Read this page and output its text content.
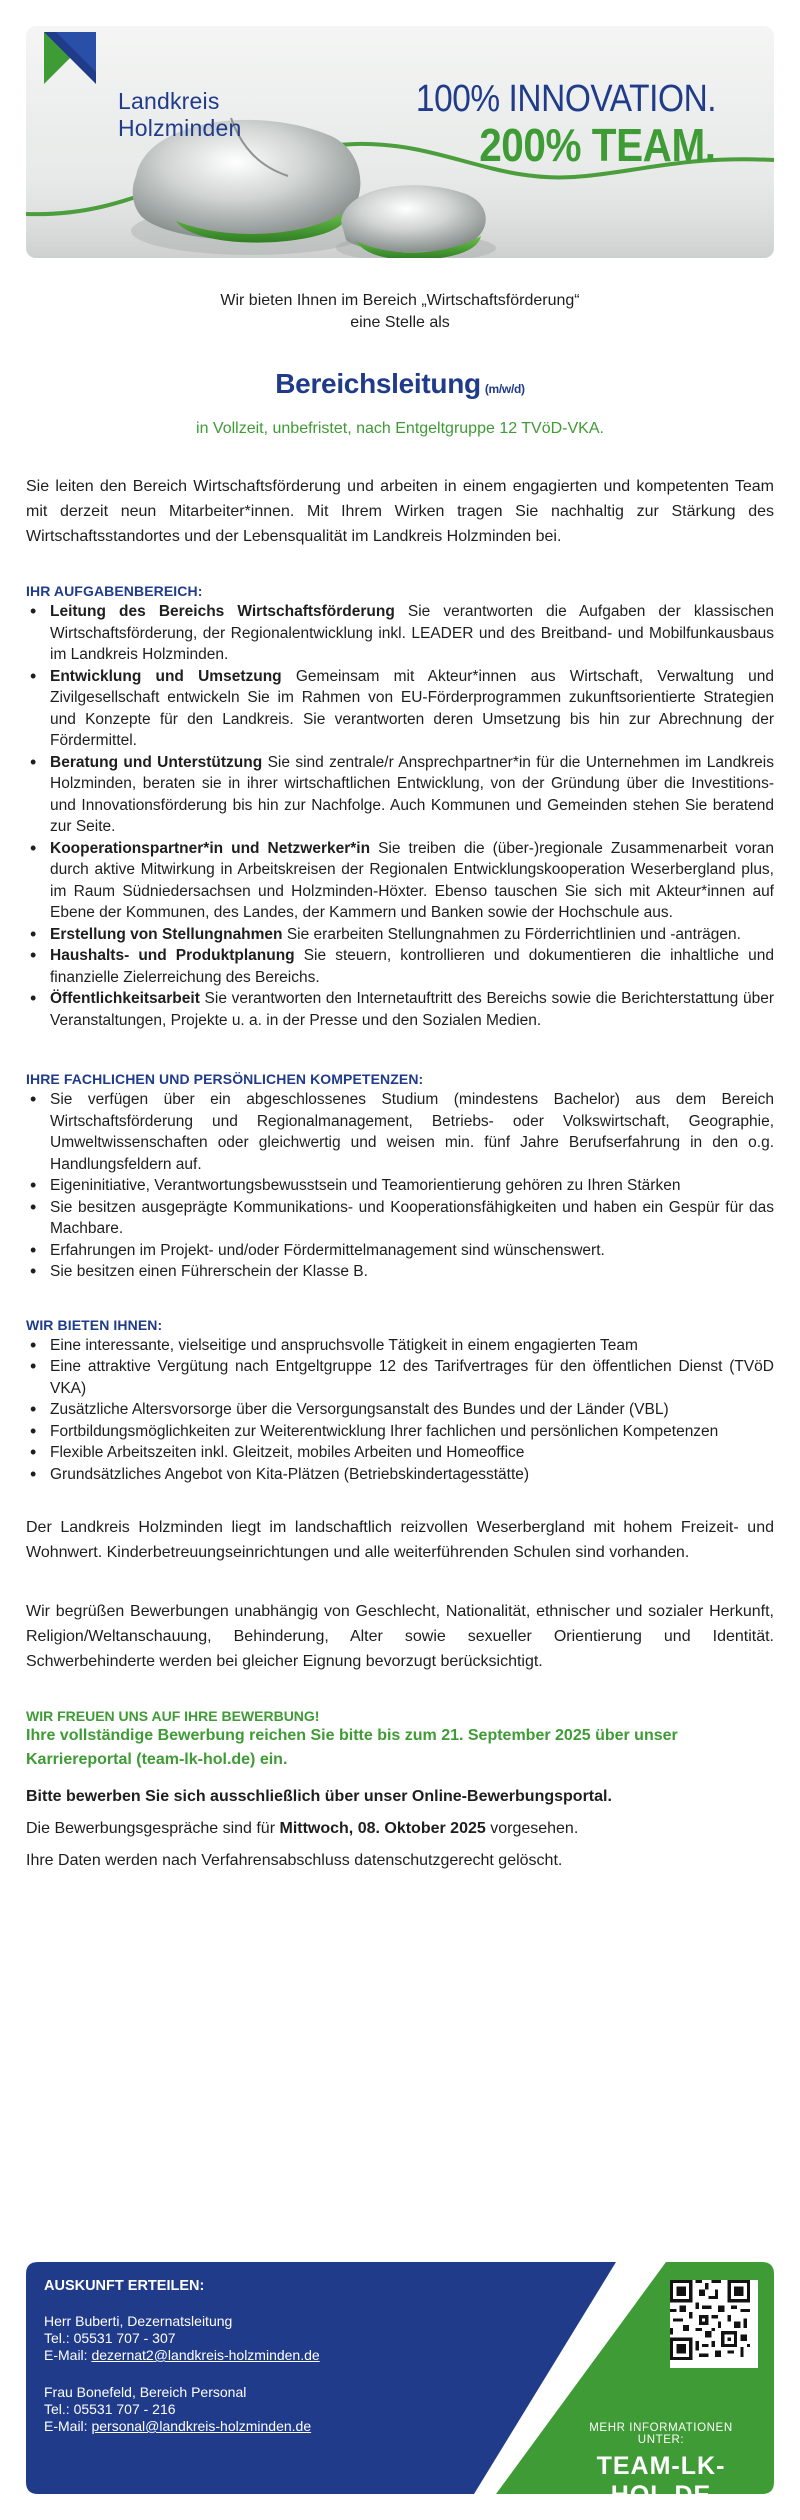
Landkreis
Holzminden
100% INNOVATION.
200% TEAM.
Wir bieten Ihnen im Bereich „Wirtschaftsförderung“
eine Stelle als
Bereichsleitung (m/w/d)
in Vollzeit, unbefristet, nach Entgeltgruppe 12 TVöD-VKA.

Sie leiten den Bereich Wirtschaftsförderung und arbeiten in einem engagierten und kompetenten Team mit derzeit neun Mitarbeiter*innen. Mit Ihrem Wirken tragen Sie nachhaltig zur Stärkung des Wirtschaftsstandortes und der Lebensqualität im Landkreis Holzminden bei.

IHR AUFGABENBEREICH:
• Leitung des Bereichs Wirtschaftsförderung Sie verantworten die Aufgaben der klassischen Wirtschaftsförderung, der Regionalentwicklung inkl. LEADER und des Breitband- und Mobilfunkausbaus im Landkreis Holzminden.
• Entwicklung und Umsetzung Gemeinsam mit Akteur*innen aus Wirtschaft, Verwaltung und Zivilgesellschaft entwickeln Sie im Rahmen von EU-Förderprogrammen zukunftsorientierte Strategien und Konzepte für den Landkreis. Sie verantworten deren Umsetzung bis hin zur Abrechnung der Fördermittel.
• Beratung und Unterstützung Sie sind zentrale/r Ansprechpartner*in für die Unternehmen im Landkreis Holzminden, beraten sie in ihrer wirtschaftlichen Entwicklung, von der Gründung über die Investitions- und Innovationsförderung bis hin zur Nachfolge. Auch Kommunen und Gemeinden stehen Sie beratend zur Seite.
• Kooperationspartner*in und Netzwerker*in Sie treiben die (über-)regionale Zusammenarbeit voran durch aktive Mitwirkung in Arbeitskreisen der Regionalen Entwicklungskooperation Weserbergland plus, im Raum Südniedersachsen und Holzminden-Höxter. Ebenso tauschen Sie sich mit Akteur*innen auf Ebene der Kommunen, des Landes, der Kammern und Banken sowie der Hochschule aus.
• Erstellung von Stellungnahmen Sie erarbeiten Stellungnahmen zu Förderrichtlinien und -anträgen.
• Haushalts- und Produktplanung Sie steuern, kontrollieren und dokumentieren die inhaltliche und finanzielle Zielerreichung des Bereichs.
• Öffentlichkeitsarbeit Sie verantworten den Internetauftritt des Bereichs sowie die Berichterstattung über Veranstaltungen, Projekte u. a. in der Presse und den Sozialen Medien.
IHRE FACHLICHEN UND PERSÖNLICHEN KOMPETENZEN:
• Sie verfügen über ein abgeschlossenes Studium (mindestens Bachelor) aus dem Bereich Wirtschaftsförderung und Regionalmanagement, Betriebs- oder Volkswirtschaft, Geographie, Umweltwissenschaften oder gleichwertig und weisen min. fünf Jahre Berufserfahrung in den o.g. Handlungsfeldern auf.
• Eigeninitiative, Verantwortungsbewusstsein und Teamorientierung gehören zu Ihren Stärken
• Sie besitzen ausgeprägte Kommunikations- und Kooperationsfähigkeiten und haben ein Gespür für das Machbare.
• Erfahrungen im Projekt- und/oder Fördermittelmanagement sind wünschenswert.
• Sie besitzen einen Führerschein der Klasse B.
WIR BIETEN IHNEN:
• Eine interessante, vielseitige und anspruchsvolle Tätigkeit in einem engagierten Team
• Eine attraktive Vergütung nach Entgeltgruppe 12 des Tarifvertrages für den öffentlichen Dienst (TVöD VKA)
• Zusätzliche Altersvorsorge über die Versorgungsanstalt des Bundes und der Länder (VBL)
• Fortbildungsmöglichkeiten zur Weiterentwicklung Ihrer fachlichen und persönlichen Kompetenzen
• Flexible Arbeitszeiten inkl. Gleitzeit, mobiles Arbeiten und Homeoffice
• Grundsätzliches Angebot von Kita-Plätzen (Betriebskindertagesstätte)

Der Landkreis Holzminden liegt im landschaftlich reizvollen Weserbergland mit hohem Freizeit- und Wohnwert. Kinderbetreuungseinrichtungen und alle weiterführenden Schulen sind vorhanden.

Wir begrüßen Bewerbungen unabhängig von Geschlecht, Nationalität, ethnischer und sozialer Herkunft, Religion/Weltanschauung, Behinderung, Alter sowie sexueller Orientierung und Identität. Schwerbehinderte werden bei gleicher Eignung bevorzugt berücksichtigt.

WIR FREUEN UNS AUF IHRE BEWERBUNG!

Ihre vollständige Bewerbung reichen Sie bitte bis zum 21. September 2025 über unser Karriereportal (team-lk-hol.de) ein.

Bitte bewerben Sie sich ausschließlich über unser Online-Bewerbungsportal.

Die Bewerbungsgespräche sind für Mittwoch, 08. Oktober 2025 vorgesehen.

Ihre Daten werden nach Verfahrensabschluss datenschutzgerecht gelöscht.

AUSKUNFT ERTEILEN:
Herr Buberti, Dezernatsleitung
Tel.: 05531 707 - 307
E-Mail: dezernat2@landkreis-holzminden.de
Frau Bonefeld, Bereich Personal
Tel.: 05531 707 - 216
E-Mail: personal@landkreis-holzminden.de	MEHR INFORMATIONEN UNTER:
TEAM-LK-HOL.DE
